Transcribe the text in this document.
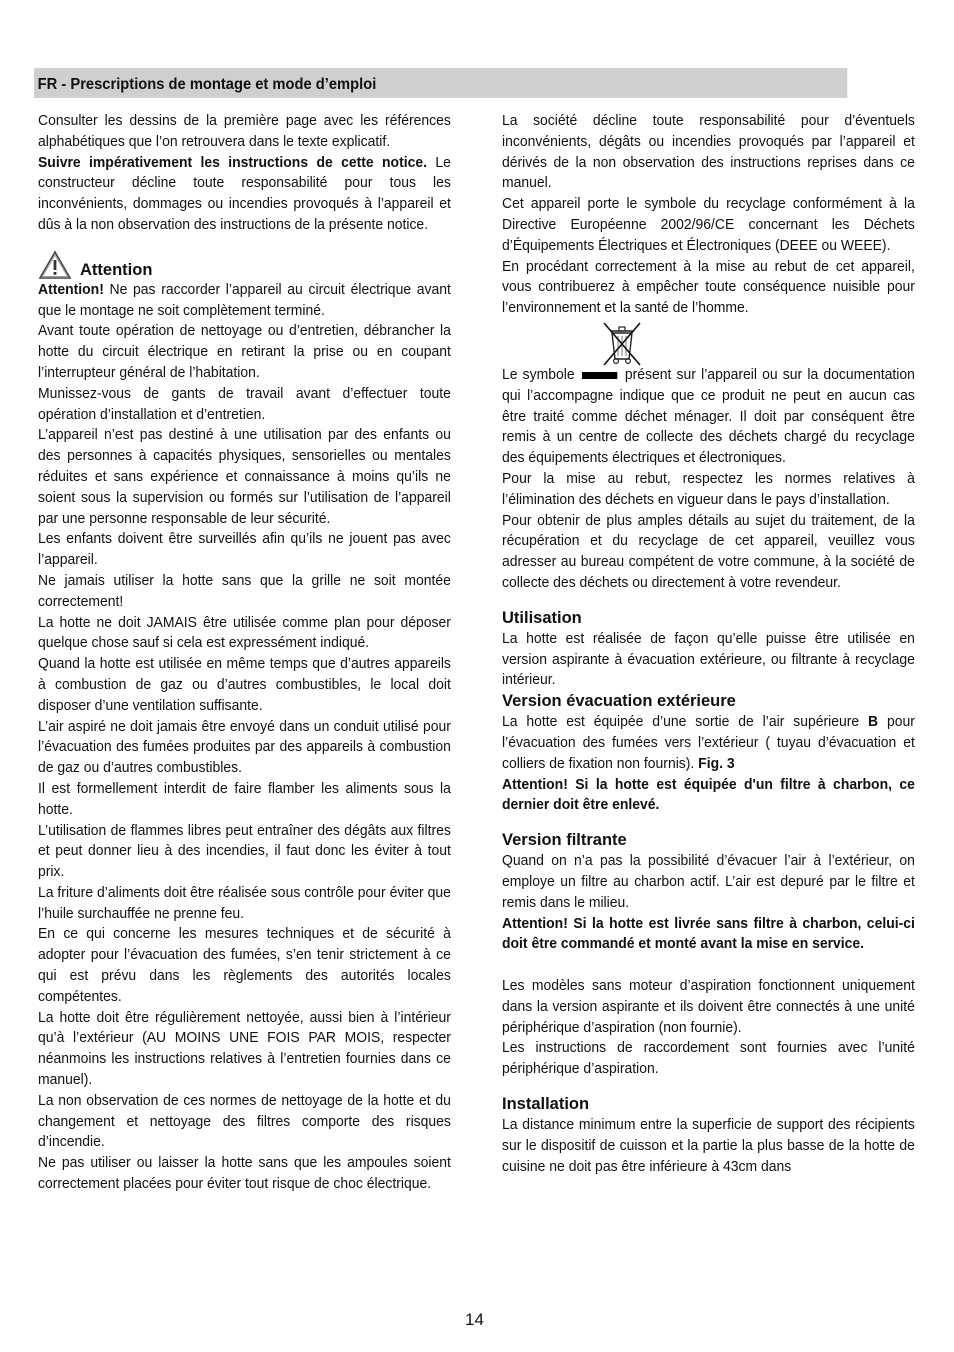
FR - Prescriptions de montage et mode d’emploi

Consulter les dessins de la première page avec les références alphabétiques que l’on retrouvera dans le texte explicatif.

Suivre impérativement les instructions de cette notice. Le constructeur décline toute responsabilité pour tous les inconvénients, dommages ou incendies provoqués à l’appareil et dûs à la non observation des instructions de la présente notice.

Attention

Attention! Ne pas raccorder l’appareil au circuit électrique avant que le montage ne soit complètement terminé.

Avant toute opération de nettoyage ou d’entretien, débrancher la hotte du circuit électrique en retirant la prise ou en coupant l’interrupteur général de l’habitation.

Munissez-vous de gants de travail avant d’effectuer toute opération d’installation et d’entretien.

L’appareil n’est pas destiné à une utilisation par des enfants ou des personnes à capacités physiques, sensorielles ou mentales réduites et sans expérience et connaissance à moins qu’ils ne soient sous la supervision ou formés sur l’utilisation de l’appareil par une personne responsable de leur sécurité.

Les enfants doivent être surveillés afin qu’ils ne jouent pas avec l’appareil.

Ne jamais utiliser la hotte sans que la grille ne soit montée correctement!

La hotte ne doit JAMAIS être utilisée comme plan pour déposer quelque chose sauf si cela est expressément indiqué.

Quand la hotte est utilisée en même temps que d’autres appareils à combustion de gaz ou d’autres combustibles, le local doit disposer d’une ventilation suffisante.

L’air aspiré ne doit jamais être envoyé dans un conduit utilisé pour l’évacuation des fumées produites par des appareils à combustion de gaz ou d’autres combustibles.

Il est formellement interdit de faire flamber les aliments sous la hotte.

L’utilisation de flammes libres peut entraîner des dégâts aux filtres et peut donner lieu à des incendies, il faut donc les éviter à tout prix.

La friture d’aliments doit être réalisée sous contrôle pour éviter que l’huile surchauffée ne prenne feu.

En ce qui concerne les mesures techniques et de sécurité à adopter pour l’évacuation des fumées, s’en tenir strictement à ce qui est prévu dans les règlements des autorités locales compétentes.

La hotte doit être régulièrement nettoyée, aussi bien à l’intérieur qu’à l’extérieur (AU MOINS UNE FOIS PAR MOIS, respecter néanmoins les instructions relatives à l’entretien fournies dans ce manuel).

La non observation de ces normes de nettoyage de la hotte et du changement et nettoyage des filtres comporte des risques d’incendie.

Ne pas utiliser ou laisser la hotte sans que les ampoules soient correctement placées pour éviter tout risque de choc électrique.

La société décline toute responsabilité pour d’éventuels inconvénients, dégâts ou incendies provoqués par l’appareil et dérivés de la non observation des instructions reprises dans ce manuel.

Cet appareil porte le symbole du recyclage conformément à la Directive Européenne 2002/96/CE concernant les Déchets d’Équipements Électriques et Électroniques (DEEE ou WEEE).

En procédant correctement à la mise au rebut de cet appareil, vous contribuerez à empêcher toute conséquence nuisible pour l’environnement et la santé de l’homme.

Le symbole	présent sur l’appareil ou sur la documentation qui l’accompagne indique que ce produit ne peut en aucun cas être traité comme déchet ménager. Il doit par conséquent être remis à un centre de collecte des déchets chargé du recyclage des équipements électriques et électroniques.

Pour la mise au rebut, respectez les normes relatives à l’élimination des déchets en vigueur dans le pays d’installation.

Pour obtenir de plus amples détails au sujet du traitement, de la récupération et du recyclage de cet appareil, veuillez vous adresser au bureau compétent de votre commune, à la société de collecte des déchets ou directement à votre revendeur.

Utilisation

La hotte est réalisée de façon qu’elle puisse être utilisée en version aspirante à évacuation extérieure, ou filtrante à recyclage intérieur.

Version évacuation extérieure

La hotte est équipée d’une sortie de l’air supérieure B pour l’évacuation des fumées vers l’extérieur ( tuyau d’évacuation et colliers de fixation non fournis). Fig. 3

Attention! Si la hotte est équipée d'un filtre à charbon, ce dernier doit être enlevé.

Version filtrante

Quand on n’a pas la possibilité d’évacuer l’air à l’extérieur, on employe un filtre au charbon actif. L’air est depuré par le filtre et remis dans le milieu.

Attention! Si la hotte est livrée sans filtre à charbon, celui-ci doit être commandé et monté avant la mise en service.

Les modèles sans moteur d’aspiration fonctionnent uniquement dans la version aspirante et ils doivent être connectés à une unité périphérique d’aspiration (non fournie).

Les instructions de raccordement sont fournies avec l’unité périphérique d’aspiration.

Installation

La distance minimum entre la superficie de support des récipients sur le dispositif de cuisson et la partie la plus basse de la hotte de cuisine ne doit pas être inférieure à 43cm dans

14
